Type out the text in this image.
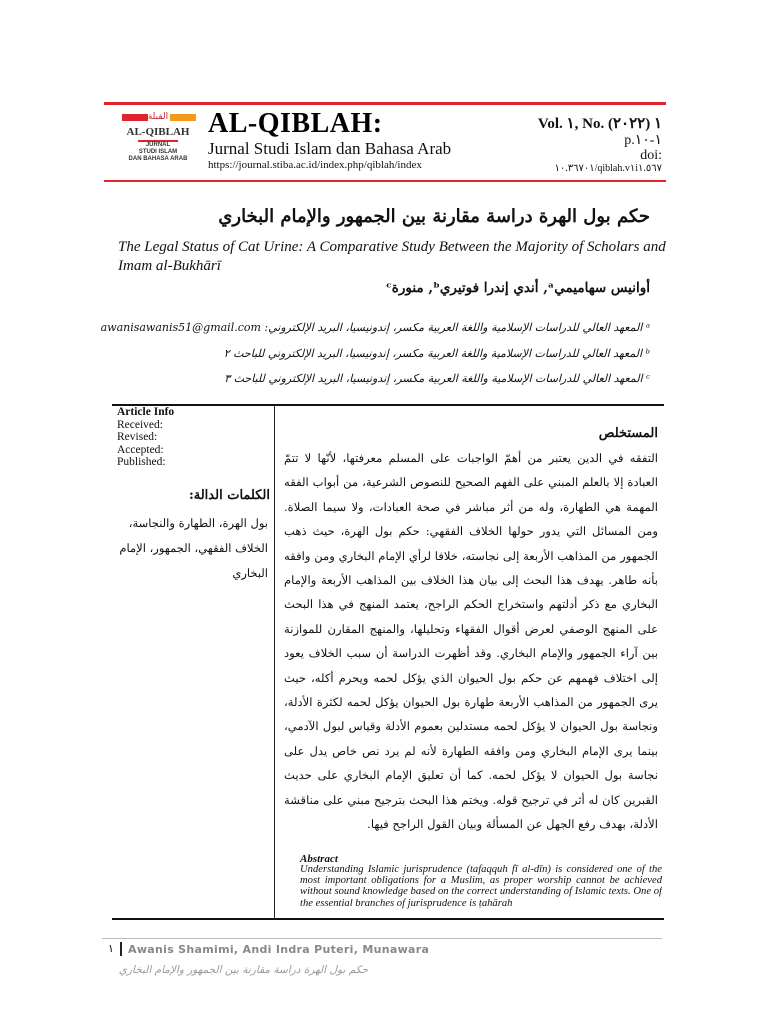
القبلة
AL-QIBLAH
JURNAL
STUDI ISLAM
DAN BAHASA ARAB
AL-QIBLAH:
Jurnal Studi Islam dan Bahasa Arab
https://journal.stiba.ac.id/index.php/qiblah/index
Vol. ١, No. ١ (٢٠٢٢)
p.١-١٠
doi:
١٠.٣٦٧٠١/qiblah.v١i١.٥٦٧
حكم بول الهرة دراسة مقارنة بين الجمهور والإمام البخاري
The Legal Status of Cat Urine: A Comparative Study Between the Majority of Scholars and Imam al-Bukhārī
أوانيس سهاميميᵃ, أندي إندرا فوتيريᵇ, منورةᶜ
ᵃ المعهد العالي للدراسات الإسلامية واللغة العربية مكسر، إندونيسيا، البريد الإلكتروني: awanisawanis51@gmail.com
ᵇ المعهد العالي للدراسات الإسلامية واللغة العربية مكسر، إندونيسيا، البريد الإلكتروني للباحث ٢
ᶜ المعهد العالي للدراسات الإسلامية واللغة العربية مكسر، إندونيسيا، البريد الإلكتروني للباحث ٣
Article Info
Received:
Revised:
Accepted:
Published:
الكلمات الدالة:
بول الهرة، الطهارة والنجاسة، الخلاف الفقهي، الجمهور، الإمام البخاري
المستخلص
التفقه في الدين يعتبر من أهمّ الواجبات على المسلم معرفتها، لأنّها لا تتمّ العبادة إلا بالعلم المبني على الفهم الصحيح للنصوص الشرعية، من أبواب الفقه المهمة هي الطهارة، وله من أثر مباشر في صحة العبادات، ولا سيما الصلاة. ومن المسائل التي يدور حولها الخلاف الفقهي: حكم بول الهرة، حيث ذهب الجمهور من المذاهب الأربعة إلى نجاسته، خلافا لرأي الإمام البخاري ومن وافقه بأنه طاهر. يهدف هذا البحث إلى بيان هذا الخلاف بين المذاهب الأربعة والإمام البخاري مع ذكر أدلتهم واستخراج الحكم الراجح، يعتمد المنهج في هذا البحث على المنهج الوصفي لعرض أقوال الفقهاء وتحليلها، والمنهج المقارن للموازنة بين آراء الجمهور والإمام البخاري. وقد أظهرت الدراسة أن سبب الخلاف يعود إلى اختلاف فهمهم عن حكم بول الحيوان الذي يؤكل لحمه ويحرم أكله، حيث يرى الجمهور من المذاهب الأربعة طهارة بول الحيوان يؤكل لحمه لكثرة الأدلة، ونجاسة بول الحيوان لا يؤكل لحمه مستدلين بعموم الأدلة وقياس لبول الآدمي، بينما يرى الإمام البخاري ومن وافقه الطهارة لأنه لم يرد نص خاص يدل على نجاسة بول الحيوان لا يؤكل لحمه. كما أن تعليق الإمام البخاري على حديث القبرين كان له أثر في ترجيح قوله. ويختم هذا البحث بترجيح مبني على مناقشة الأدلة، بهدف رفع الجهل عن المسألة وبيان القول الراجح فيها.
Abstract
Understanding Islamic jurisprudence (tafaqquh fī al-dīn) is considered one of the most important obligations for a Muslim, as proper worship cannot be achieved without sound knowledge based on the correct understanding of Islamic texts. One of the essential branches of jurisprudence is ṭahārah
١ Awanis Shamimi, Andi Indra Puteri, Munawara
حكم بول الهرة دراسة مقارنة بين الجمهور والإمام البخاري
